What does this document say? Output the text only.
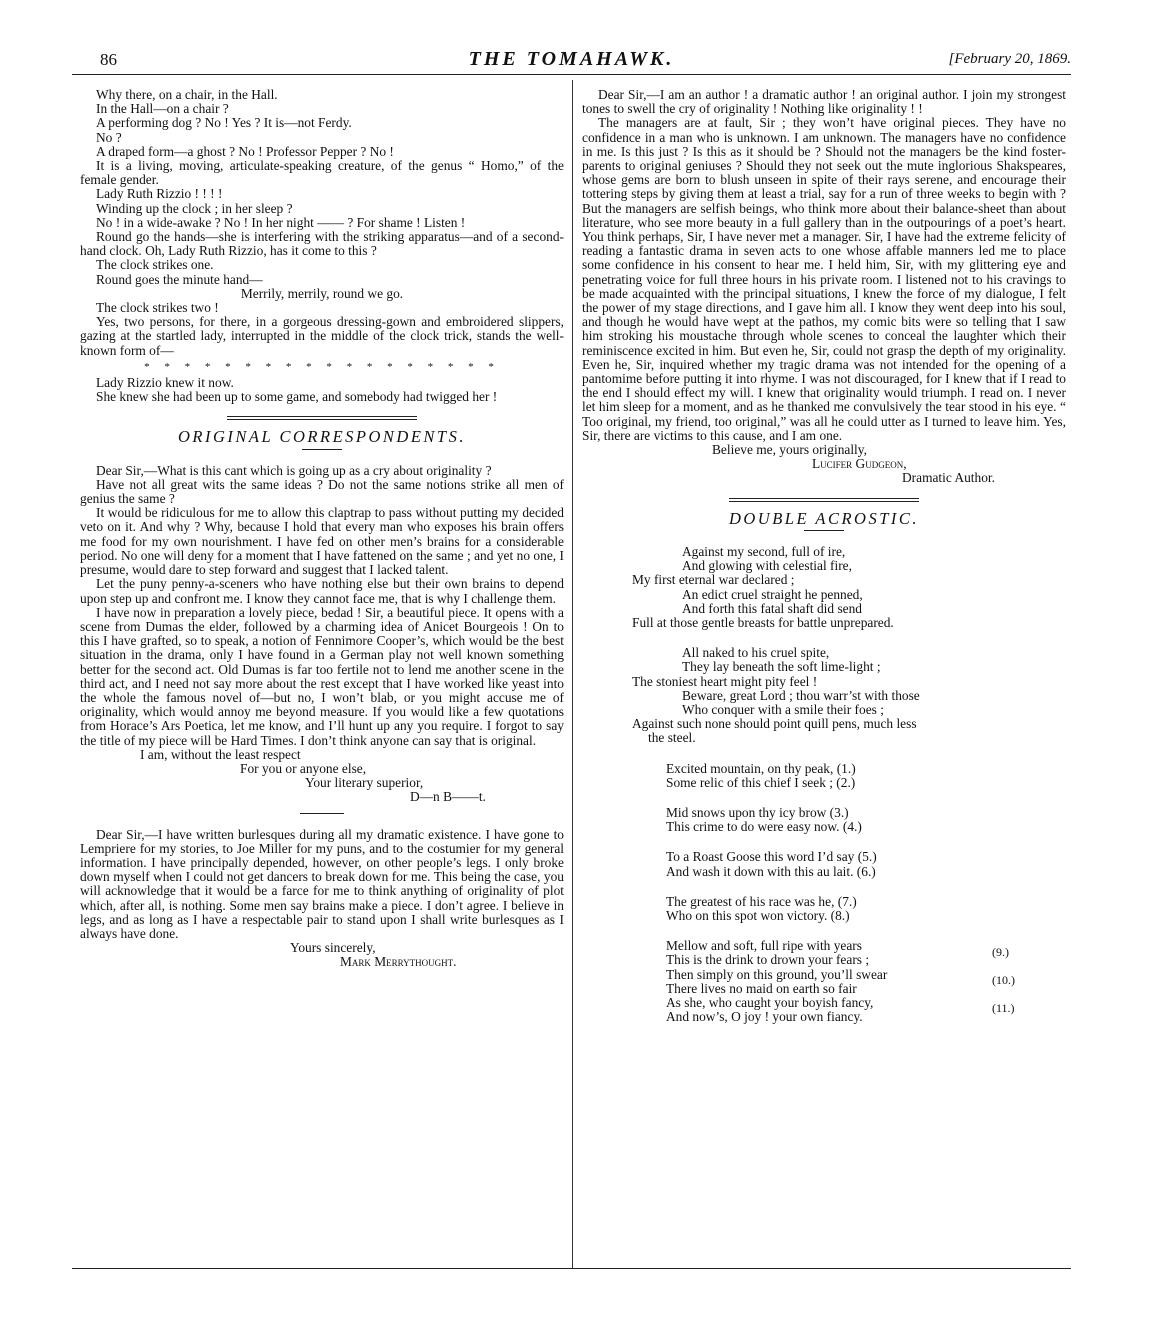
86	THE TOMAHAWK.	[February 20, 1869.

Why there, on a chair, in the Hall.

In the Hall—on a chair ?

A performing dog ? No ! Yes ? It is—not Ferdy.

No ?

A draped form—a ghost ? No ! Professor Pepper ? No !

It is a living, moving, articulate-speaking creature, of the genus “ Homo,” of the female gender.

Lady Ruth Rizzio ! ! ! !

Winding up the clock ; in her sleep ?

No ! in a wide-awake ? No ! In her night —— ? For shame ! Listen !

Round go the hands—she is interfering with the striking apparatus—and of a second-hand clock. Oh, Lady Ruth Rizzio, has it come to this ?

The clock strikes one.

Round goes the minute hand—

Merrily, merrily, round we go.

The clock strikes two !

Yes, two persons, for there, in a gorgeous dressing-gown and embroidered slippers, gazing at the startled lady, interrupted in the middle of the clock trick, stands the well-known form of—

* * * * * * * * * * * * * * * * * *

Lady Rizzio knew it now.

She knew she had been up to some game, and somebody had twigged her !

ORIGINAL CORRESPONDENTS.

Dear Sir,—What is this cant which is going up as a cry about originality ?

Have not all great wits the same ideas ? Do not the same notions strike all men of genius the same ?

It would be ridiculous for me to allow this claptrap to pass without putting my decided veto on it. And why ? Why, because I hold that every man who exposes his brain offers me food for my own nourishment. I have fed on other men’s brains for a considerable period. No one will deny for a moment that I have fattened on the same ; and yet no one, I presume, would dare to step forward and suggest that I lacked talent.

Let the puny penny-a-sceners who have nothing else but their own brains to depend upon step up and confront me. I know they cannot face me, that is why I challenge them.

I have now in preparation a lovely piece, bedad ! Sir, a beautiful piece. It opens with a scene from Dumas the elder, followed by a charming idea of Anicet Bourgeois ! On to this I have grafted, so to speak, a notion of Fennimore Cooper’s, which would be the best situation in the drama, only I have found in a German play not well known something better for the second act. Old Dumas is far too fertile not to lend me another scene in the third act, and I need not say more about the rest except that I have worked like yeast into the whole the famous novel of—but no, I won’t blab, or you might accuse me of originality, which would annoy me beyond measure. If you would like a few quotations from Horace’s Ars Poetica, let me know, and I’ll hunt up any you require. I forgot to say the title of my piece will be Hard Times. I don’t think anyone can say that is original.

I am, without the least respect

For you or anyone else,

Your literary superior,

D—n B——t.

Dear Sir,—I have written burlesques during all my dramatic existence. I have gone to Lempriere for my stories, to Joe Miller for my puns, and to the costumier for my general information. I have principally depended, however, on other people’s legs. I only broke down myself when I could not get dancers to break down for me. This being the case, you will acknowledge that it would be a farce for me to think anything of originality of plot which, after all, is nothing. Some men say brains make a piece. I don’t agree. I believe in legs, and as long as I have a respectable pair to stand upon I shall write burlesques as I always have done.

Yours sincerely,

Mark Merrythought.

Dear Sir,—I am an author ! a dramatic author ! an original author. I join my strongest tones to swell the cry of originality ! Nothing like originality ! !

The managers are at fault, Sir ; they won’t have original pieces. They have no confidence in a man who is unknown. I am unknown. The managers have no confidence in me. Is this just ? Is this as it should be ? Should not the managers be the kind foster-parents to original geniuses ? Should they not seek out the mute inglorious Shakspeares, whose gems are born to blush unseen in spite of their rays serene, and encourage their tottering steps by giving them at least a trial, say for a run of three weeks to begin with ? But the managers are selfish beings, who think more about their balance-sheet than about literature, who see more beauty in a full gallery than in the outpourings of a poet’s heart. You think perhaps, Sir, I have never met a manager. Sir, I have had the extreme felicity of reading a fantastic drama in seven acts to one whose affable manners led me to place some confidence in his consent to hear me. I held him, Sir, with my glittering eye and penetrating voice for full three hours in his private room. I listened not to his cravings to be made acquainted with the principal situations, I knew the force of my dialogue, I felt the power of my stage directions, and I gave him all. I know they went deep into his soul, and though he would have wept at the pathos, my comic bits were so telling that I saw him stroking his moustache through whole scenes to conceal the laughter which their reminiscence excited in him. But even he, Sir, could not grasp the depth of my originality. Even he, Sir, inquired whether my tragic drama was not intended for the opening of a pantomime before putting it into rhyme. I was not discouraged, for I knew that if I read to the end I should effect my will. I knew that originality would triumph. I read on. I never let him sleep for a moment, and as he thanked me convulsively the tear stood in his eye. “ Too original, my friend, too original,” was all he could utter as I turned to leave him. Yes, Sir, there are victims to this cause, and I am one.

Believe me, yours originally,

Lucifer Gudgeon,

Dramatic Author.

DOUBLE ACROSTIC.

Against my second, full of ire,

And glowing with celestial fire,

My first eternal war declared ;

An edict cruel straight he penned,

And forth this fatal shaft did send

Full at those gentle breasts for battle unprepared.

All naked to his cruel spite,

They lay beneath the soft lime-light ;

The stoniest heart might pity feel !

Beware, great Lord ; thou warr’st with those

Who conquer with a smile their foes ;

Against such none should point quill pens, much less

the steel.

Excited mountain, on thy peak, (1.)

Some relic of this chief I seek ; (2.)

Mid snows upon thy icy brow (3.)

This crime to do were easy now. (4.)

To a Roast Goose this word I’d say (5.)

And wash it down with this au lait. (6.)

The greatest of his race was he, (7.)

Who on this spot won victory. (8.)

Mellow and soft, full ripe with years

This is the drink to drown your fears ;

Then simply on this ground, you’ll swear

There lives no maid on earth so fair

As she, who caught your boyish fancy,

And now’s, O joy ! your own fiancy.

(9.)
(10.)
(11.)
